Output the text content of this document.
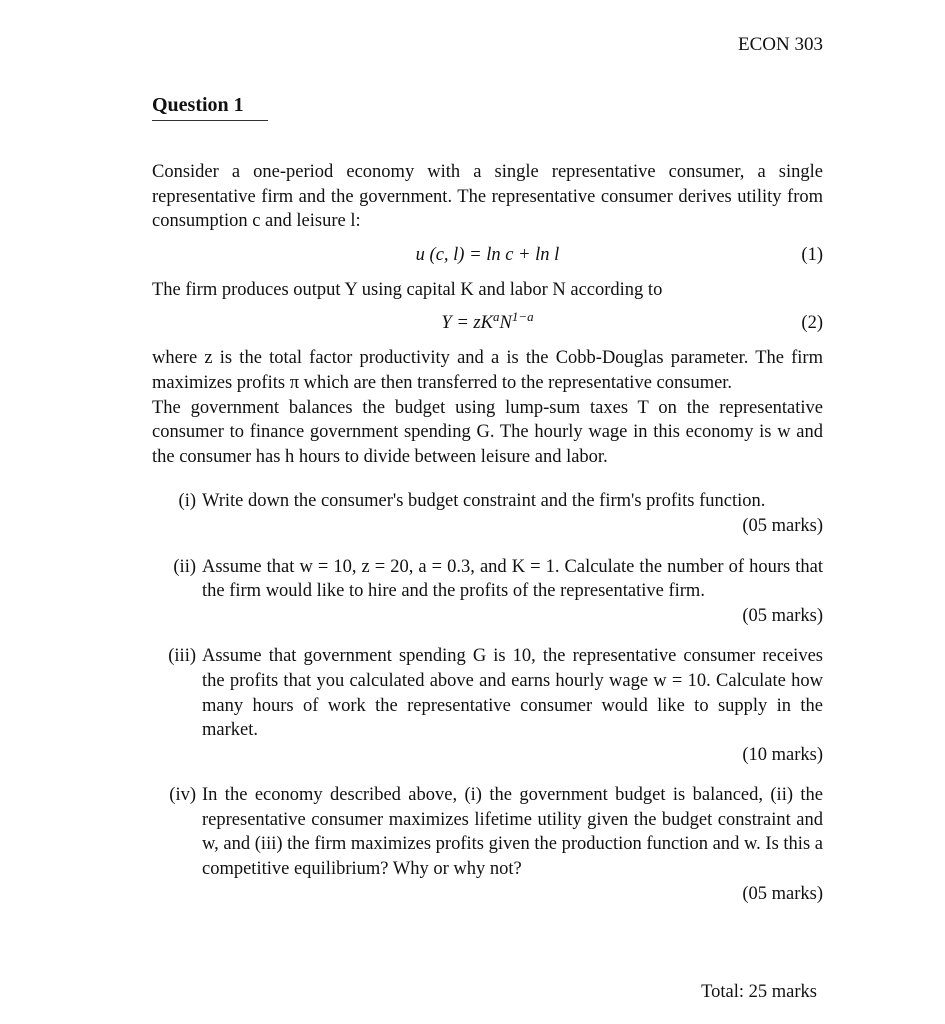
ECON 303
Question 1

Consider a one-period economy with a single representative consumer, a single representative firm and the government. The representative consumer derives utility from consumption c and leisure l:

u (c, l) = ln c + ln l	(1)

The firm produces output Y using capital K and labor N according to

$Y = zK^aN^{1-a}$	(2)

where z is the total factor productivity and a is the Cobb-Douglas parameter. The firm maximizes profits π which are then transferred to the representative consumer.

The government balances the budget using lump-sum taxes T on the representative consumer to finance government spending G. The hourly wage in this economy is w and the consumer has h hours to divide between leisure and labor.

(i) Write down the consumer's budget constraint and the firm's profits function.
(05 marks)
(ii) Assume that w = 10, z = 20, a = 0.3, and K = 1. Calculate the number of hours that the firm would like to hire and the profits of the representative firm.
(05 marks)
(iii) Assume that government spending G is 10, the representative consumer receives the profits that you calculated above and earns hourly wage w = 10. Calculate how many hours of work the representative consumer would like to supply in the market.
(10 marks)
(iv) In the economy described above, (i) the government budget is balanced, (ii) the representative consumer maximizes lifetime utility given the budget constraint and w, and (iii) the firm maximizes profits given the production function and w. Is this a competitive equilibrium? Why or why not?
(05 marks)
Total: 25 marks
